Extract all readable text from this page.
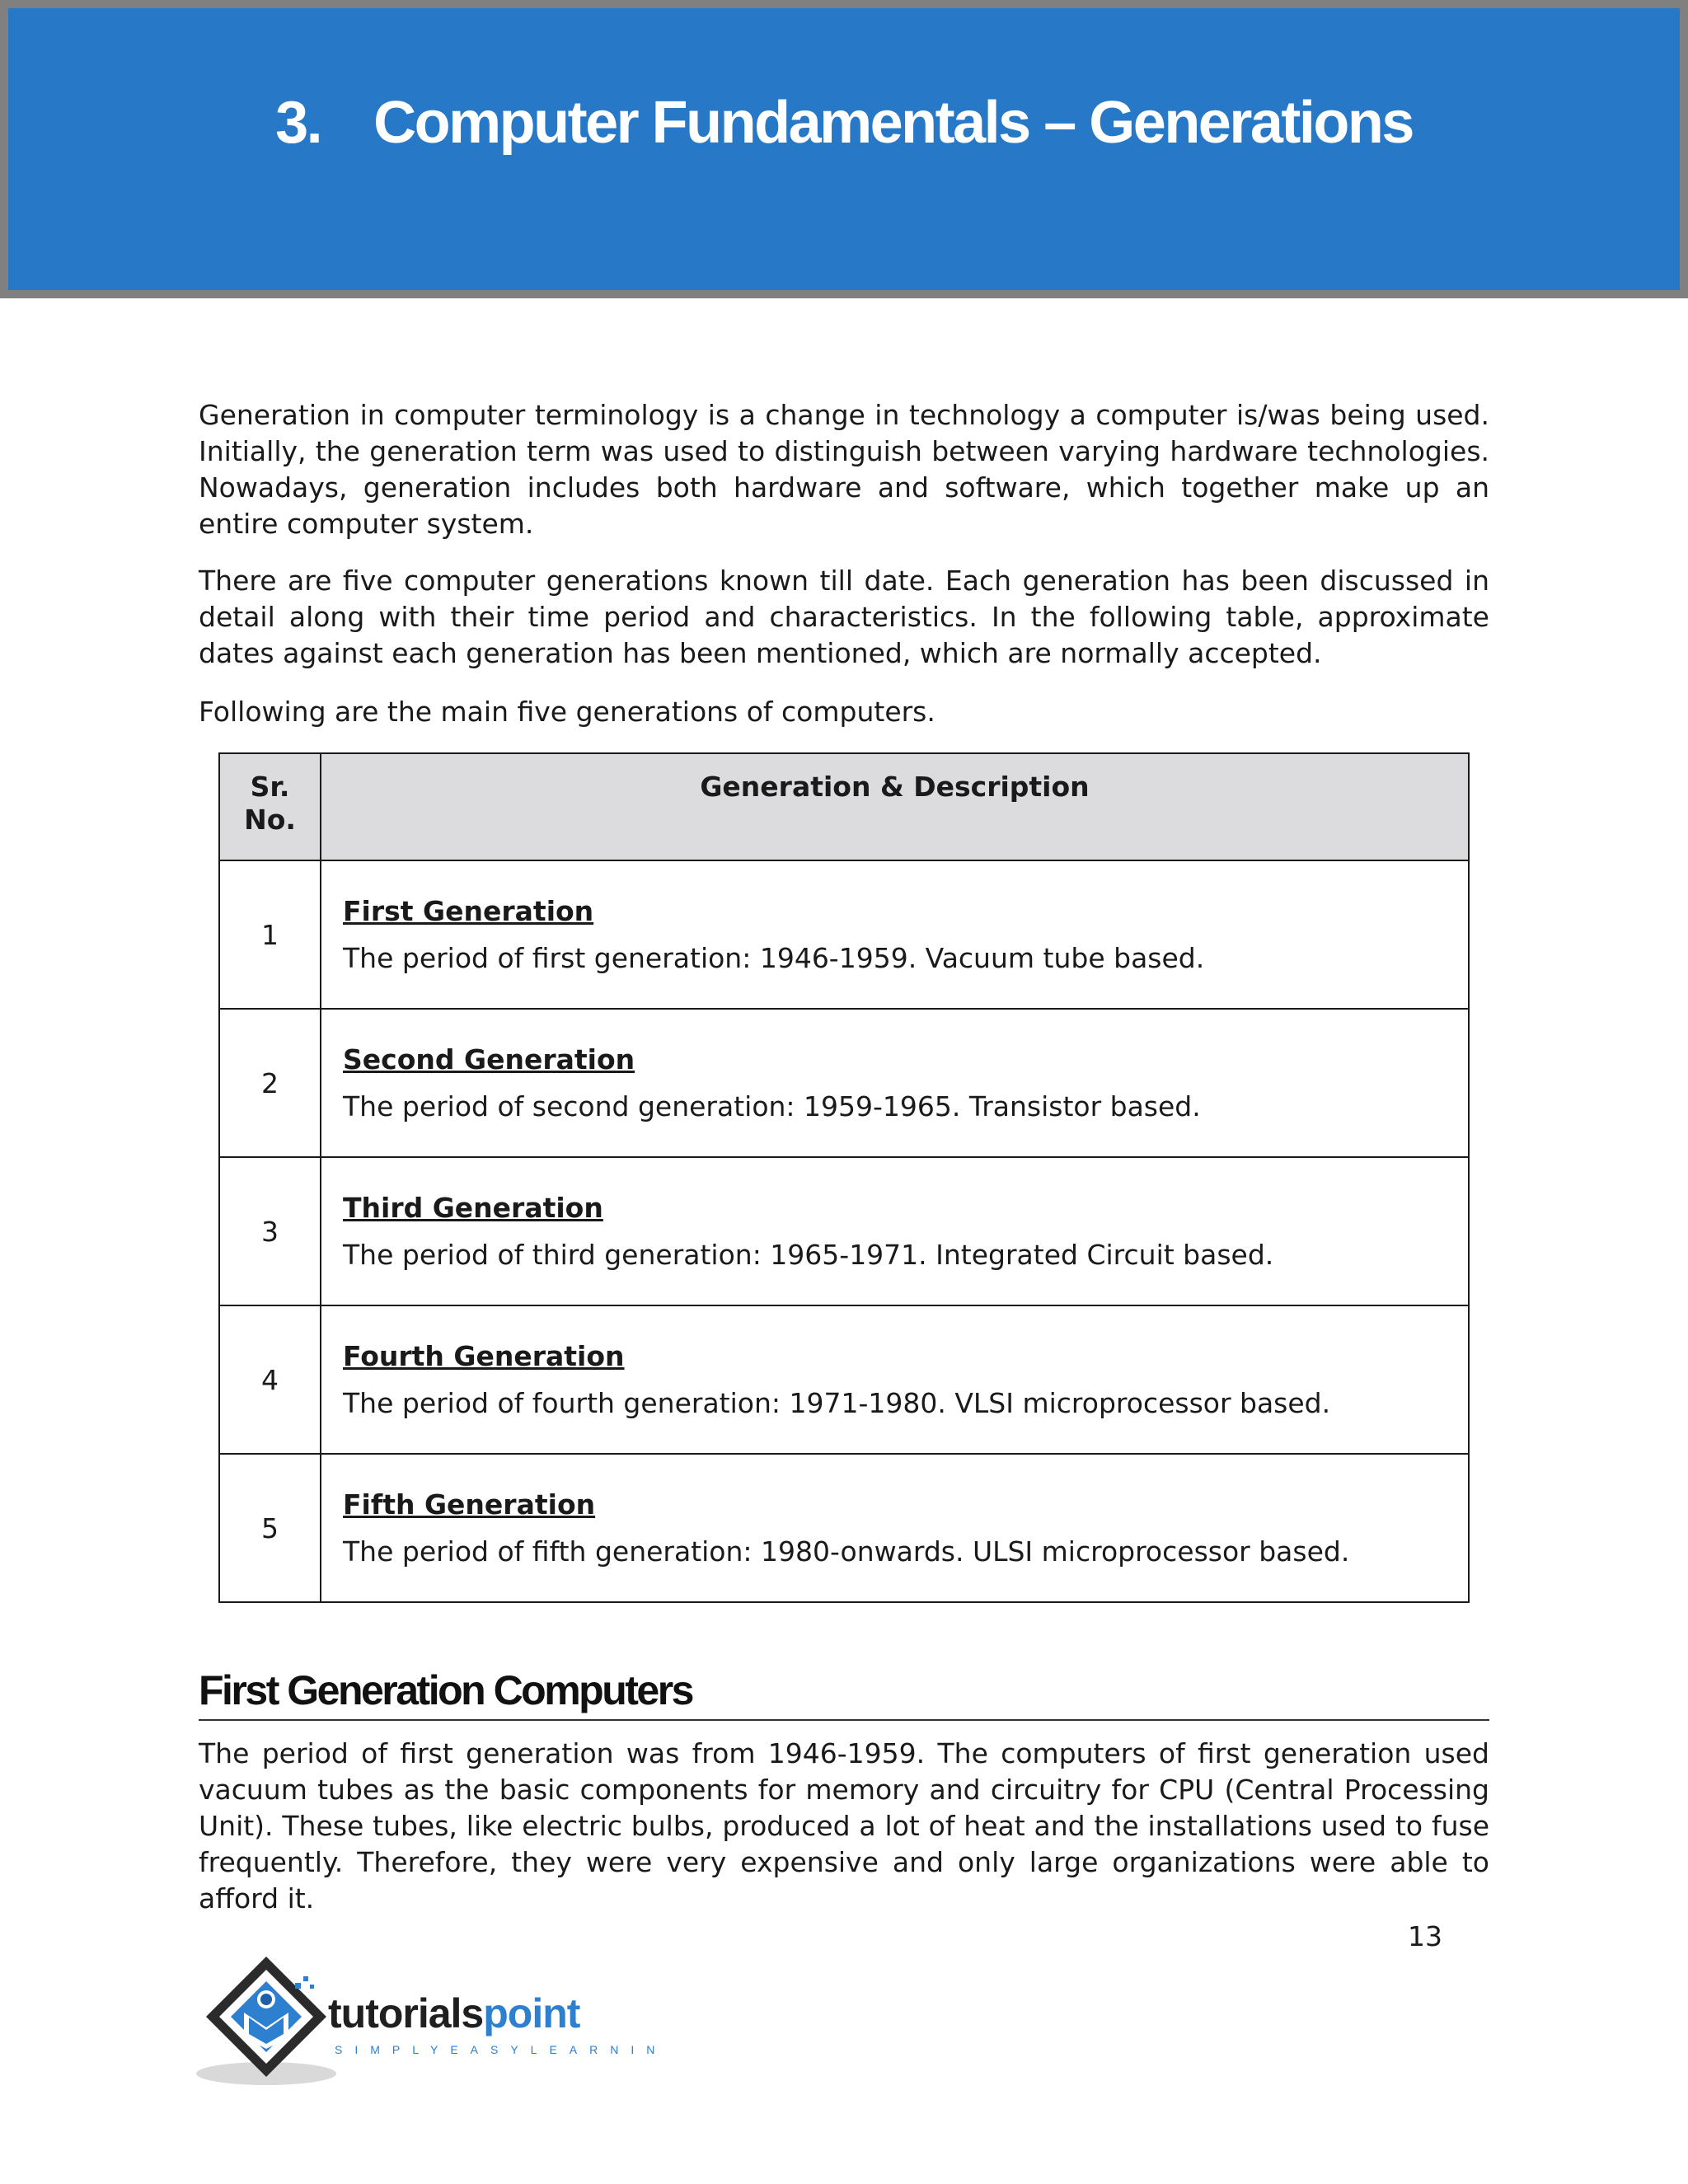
3. Computer Fundamentals – Generations

Generation in computer terminology is a change in technology a computer is/was being used. Initially, the generation term was used to distinguish between varying hardware technologies. Nowadays, generation includes both hardware and software, which together make up an entire computer system.

There are five computer generations known till date. Each generation has been discussed in detail along with their time period and characteristics. In the following table, approximate dates against each generation has been mentioned, which are normally accepted.

Following are the main five generations of computers.

Sr.
No.	Generation & Description
1	First Generation
The period of first generation: 1946-1959. Vacuum tube based.

2	Second Generation
The period of second generation: 1959-1965. Transistor based.

3	Third Generation
The period of third generation: 1965-1971. Integrated Circuit based.

4	Fourth Generation
The period of fourth generation: 1971-1980. VLSI microprocessor based.

5	Fifth Generation
The period of fifth generation: 1980-onwards. ULSI microprocessor based.
First Generation Computers

The period of first generation was from 1946-1959. The computers of first generation used vacuum tubes as the basic components for memory and circuitry for CPU (Central Processing Unit). These tubes, like electric bulbs, produced a lot of heat and the installations used to fuse frequently. Therefore, they were very expensive and only large organizations were able to afford it.

13
tutorialspoint
SIMPLYEASYLEARNING
